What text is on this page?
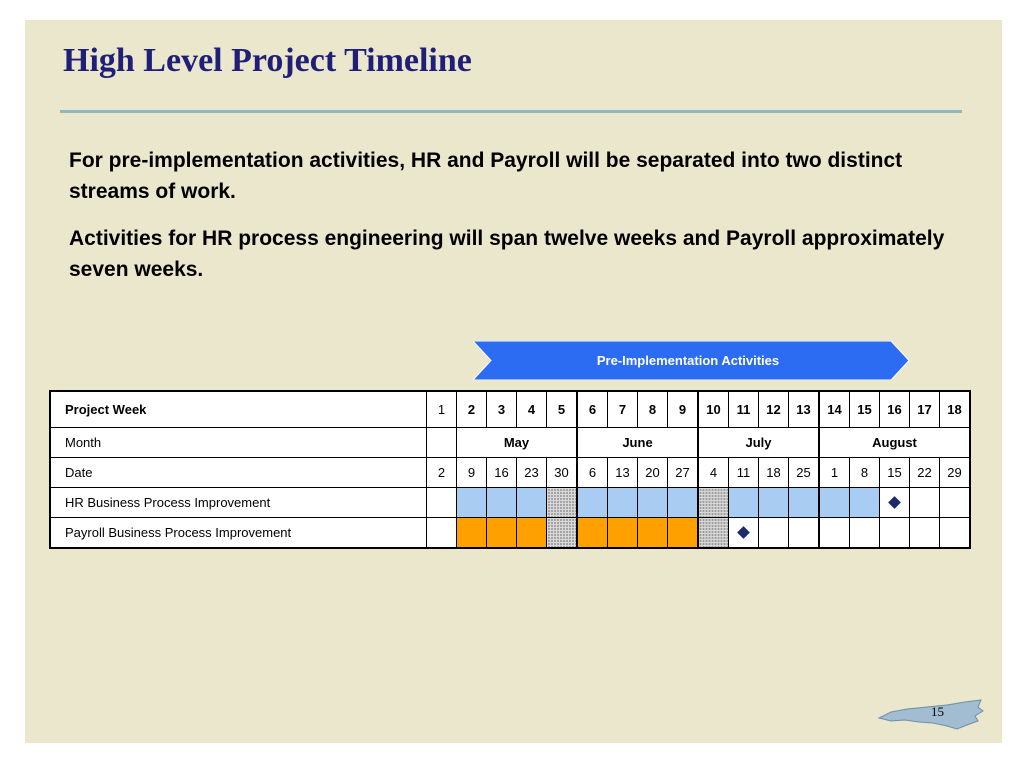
High Level Project Timeline

For pre-implementation activities, HR and Payroll will be separated into two distinct streams of work.

Activities for HR process engineering will span twelve weeks and Payroll approximately seven weeks.

Pre-Implementation Activities
Project Week	1	2	3	4	5	6	7	8	9	10	11	12	13	14	15	16	17	18
Month		May				June				July				August				
Date	2	9	16	23	30	6	13	20	27	4	11	18	25	1	8	15	22	29
HR Business Process Improvement																		
Payroll Business Process Improvement																		
15
